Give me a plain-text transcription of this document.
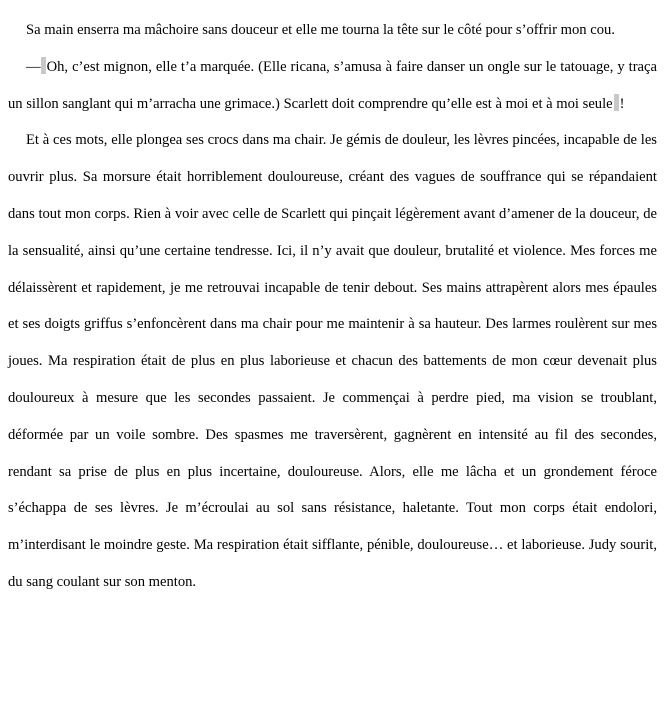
Sa main enserra ma mâchoire sans douceur et elle me tourna la tête sur le côté pour s’offrir mon cou.

— Oh, c’est mignon, elle t’a marquée. (Elle ricana, s’amusa à faire danser un ongle sur le tatouage, y traça un sillon sanglant qui m’arracha une grimace.) Scarlett doit comprendre qu’elle est à moi et à moi seule !

Et à ces mots, elle plongea ses crocs dans ma chair. Je gémis de douleur, les lèvres pincées, incapable de les ouvrir plus. Sa morsure était horriblement douloureuse, créant des vagues de souffrance qui se répandaient dans tout mon corps. Rien à voir avec celle de Scarlett qui pinçait légèrement avant d’amener de la douceur, de la sensualité, ainsi qu’une certaine tendresse. Ici, il n’y avait que douleur, brutalité et violence. Mes forces me délaissèrent et rapidement, je me retrouvai incapable de tenir debout. Ses mains attrapèrent alors mes épaules et ses doigts griffus s’enfoncèrent dans ma chair pour me maintenir à sa hauteur. Des larmes roulèrent sur mes joues. Ma respiration était de plus en plus laborieuse et chacun des battements de mon cœur devenait plus douloureux à mesure que les secondes passaient. Je commençai à perdre pied, ma vision se troublant, déformée par un voile sombre. Des spasmes me traversèrent, gagnèrent en intensité au fil des secondes, rendant sa prise de plus en plus incertaine, douloureuse. Alors, elle me lâcha et un grondement féroce s’échappa de ses lèvres. Je m’écroulai au sol sans résistance, haletante. Tout mon corps était endolori, m’interdisant le moindre geste. Ma respiration était sifflante, pénible, douloureuse… et laborieuse. Judy sourit, du sang coulant sur son menton.
